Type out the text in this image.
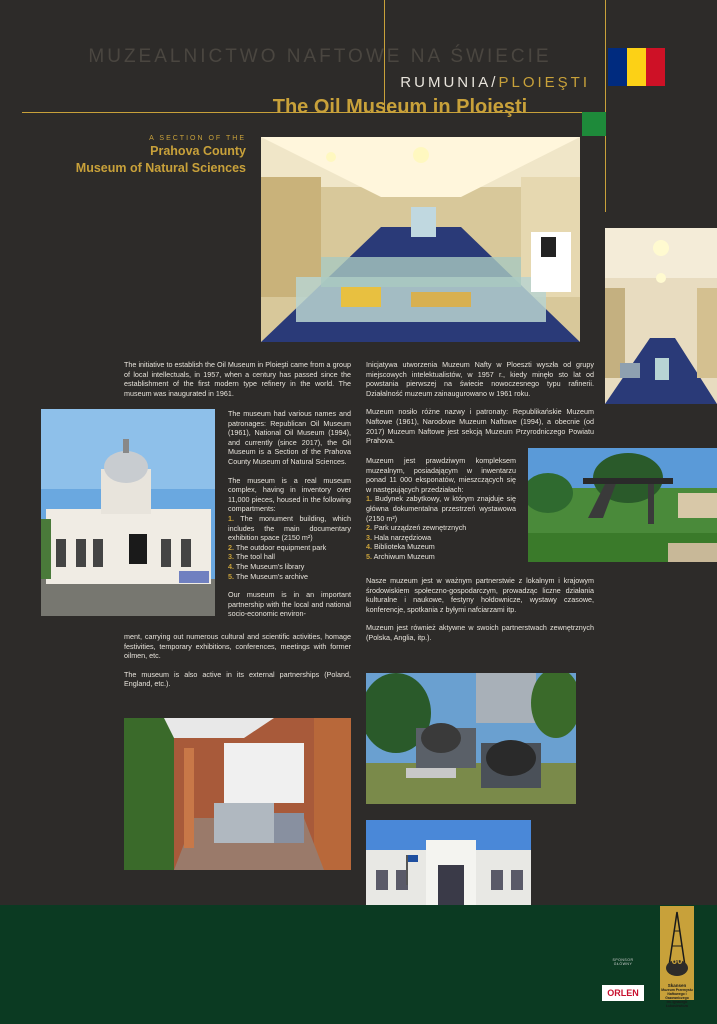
MUZEALNICTWO NAFTOWE NA ŚWIECIE
RUMUNIA/PLOIEŞTI
The Oil Museum in Ploieşti
A SECTION OF THE
Prahova County
Museum of Natural Sciences

The initiative to establish the Oil Museum in Ploieşti came from a group of local intellectuals, in 1957, when a century has passed since the establishment of the first modern type refinery in the world. The museum was inaugurated in 1961.

The museum had various names and patronages: Republican Oil Museum (1961), National Oil Museum (1994), and currently (since 2017), the Oil Museum is a Section of the Prahova County Museum of Natural Sciences.

The museum is a real museum complex, having in inventory over 11,000 pieces, housed in the following compartments:

1. The monument building, which includes the main documentary exhibition space (2150 m²)
2. The outdoor equipment park
3. The tool hall
4. The Museum's library
5. The Museum's archive

Our museum is in an important partnership with the local and national socio-economic environ-

ment, carrying out numerous cultural and scientific activities, homage festivities, temporary exhibitions, conferences, meetings with former oilmen, etc.

The museum is also active in its external partnerships (Poland, England, etc.).

Inicjatywa utworzenia Muzeum Nafty w Ploeszti wyszła od grupy miejscowych intelektualistów, w 1957 r., kiedy minęło sto lat od powstania pierwszej na świecie nowoczesnego typu rafinerii. Działalność muzeum zainaugurowano w 1961 roku.

Muzeum nosiło różne nazwy i patronaty: Republikańskie Muzeum Naftowe (1961), Narodowe Muzeum Naftowe (1994), a obecnie (od 2017) Muzeum Naftowe jest sekcją Muzeum Przyrodniczego Powiatu Prahova.

Muzeum jest prawdziwym kompleksem muzealnym, posiadającym w inwentarzu ponad 11 000 eksponatów, mieszczących się w następujących przedziałach:

1. Budynek zabytkowy, w którym znajduje się główna dokumentalna przestrzeń wystawowa (2150 m²)
2. Park urządzeń zewnętrznych
3. Hala narzędziowa
4. Biblioteka Muzeum
5. Archiwum Muzeum

Nasze muzeum jest w ważnym partnerstwie z lokalnym i krajowym środowiskiem społeczno-gospodarczym, prowadząc liczne działania kulturalne i naukowe, festyny hołdownicze, wystawy czasowe, konferencje, spotkania z byłymi nafciarzami itp.

Muzeum jest również aktywne w swoich partnerstwach zewnętrznych (Polska, Anglia, itp.).

SPONSOR GŁÓWNY
ORLEN
60
Skansen
Muzeum Przemysłu
Naftowego i Gazowniczego
im. Ignacego Łukasiewicza
